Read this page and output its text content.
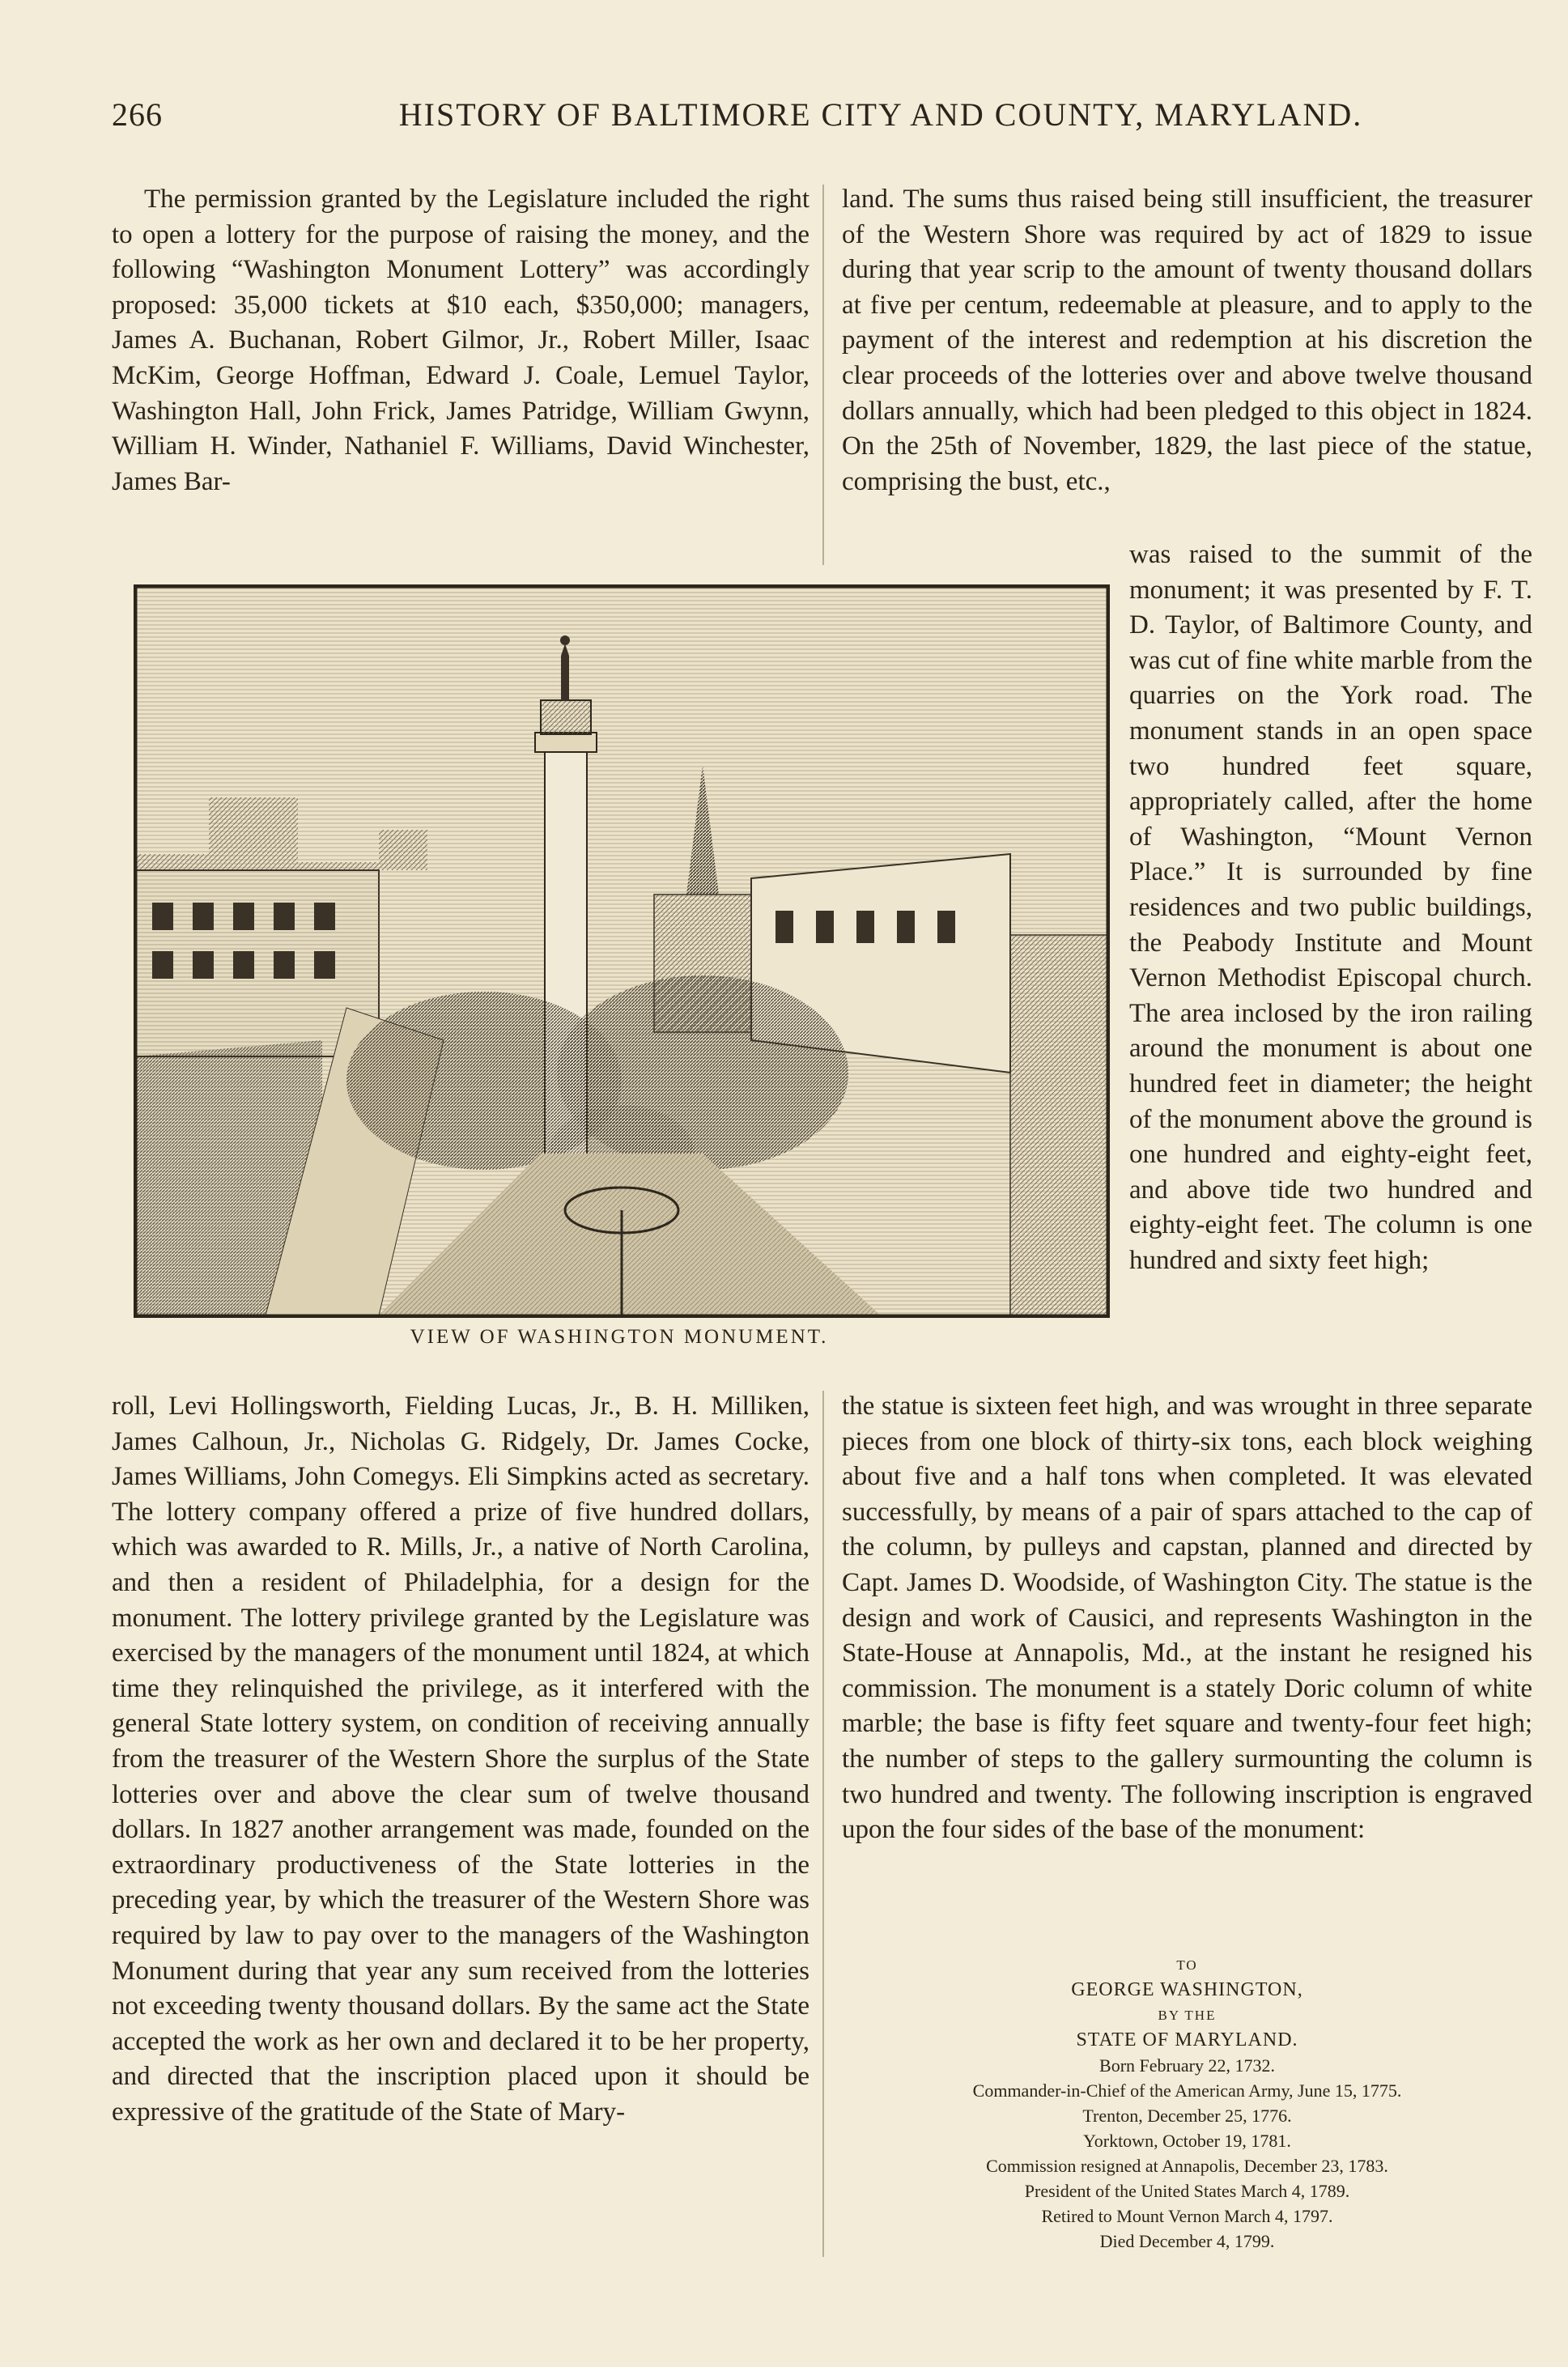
266	HISTORY OF BALTIMORE CITY AND COUNTY, MARYLAND.

The permission granted by the Legislature included the right to open a lottery for the purpose of raising the money, and the following “Washington Monument Lottery” was accordingly proposed: 35,000 tickets at $10 each, $350,000; managers, James A. Buchanan, Robert Gilmor, Jr., Robert Miller, Isaac McKim, George Hoffman, Edward J. Coale, Lemuel Taylor, Washington Hall, John Frick, James Patridge, William Gwynn, William H. Winder, Nathaniel F. Williams, David Winchester, James Bar-

land. The sums thus raised being still insufficient, the treasurer of the Western Shore was required by act of 1829 to issue during that year scrip to the amount of twenty thousand dollars at five per centum, redeemable at pleasure, and to apply to the payment of the interest and redemption at his discretion the clear proceeds of the lotteries over and above twelve thousand dollars annually, which had been pledged to this object in 1824. On the 25th of November, 1829, the last piece of the statue, comprising the bust, etc.,

was raised to the summit of the monument; it was presented by F. T. D. Taylor, of Baltimore County, and was cut of fine white marble from the quarries on the York road. The monument stands in an open space two hundred feet square, appropriately called, after the home of Washington, “Mount Vernon Place.” It is surrounded by fine residences and two public buildings, the Peabody Institute and Mount Vernon Methodist Episcopal church. The area inclosed by the iron railing around the monument is about one hundred feet in diameter; the height of the monument above the ground is one hundred and eighty-eight feet, and above tide two hundred and eighty-eight feet. The column is one hundred and sixty feet high;

VIEW OF WASHINGTON MONUMENT.

roll, Levi Hollingsworth, Fielding Lucas, Jr., B. H. Milliken, James Calhoun, Jr., Nicholas G. Ridgely, Dr. James Cocke, James Williams, John Comegys. Eli Simpkins acted as secretary. The lottery company offered a prize of five hundred dollars, which was awarded to R. Mills, Jr., a native of North Carolina, and then a resident of Philadelphia, for a design for the monument. The lottery privilege granted by the Legislature was exercised by the managers of the monument until 1824, at which time they relinquished the privilege, as it interfered with the general State lottery system, on condition of receiving annually from the treasurer of the Western Shore the surplus of the State lotteries over and above the clear sum of twelve thousand dollars. In 1827 another arrangement was made, founded on the extraordinary productiveness of the State lotteries in the preceding year, by which the treasurer of the Western Shore was required by law to pay over to the managers of the Washington Monument during that year any sum received from the lotteries not exceeding twenty thousand dollars. By the same act the State accepted the work as her own and declared it to be her property, and directed that the inscription placed upon it should be expressive of the gratitude of the State of Mary-

the statue is sixteen feet high, and was wrought in three separate pieces from one block of thirty-six tons, each block weighing about five and a half tons when completed. It was elevated successfully, by means of a pair of spars attached to the cap of the column, by pulleys and capstan, planned and directed by Capt. James D. Woodside, of Washington City. The statue is the design and work of Causici, and represents Washington in the State-House at Annapolis, Md., at the instant he resigned his commission. The monument is a stately Doric column of white marble; the base is fifty feet square and twenty-four feet high; the number of steps to the gallery surmounting the column is two hundred and twenty. The following inscription is engraved upon the four sides of the base of the monument:

TO
GEORGE WASHINGTON,
BY THE
STATE OF MARYLAND.
Born February 22, 1732.
Commander-in-Chief of the American Army, June 15, 1775.
Trenton, December 25, 1776.
Yorktown, October 19, 1781.
Commission resigned at Annapolis, December 23, 1783.
President of the United States March 4, 1789.
Retired to Mount Vernon March 4, 1797.
Died December 4, 1799.
